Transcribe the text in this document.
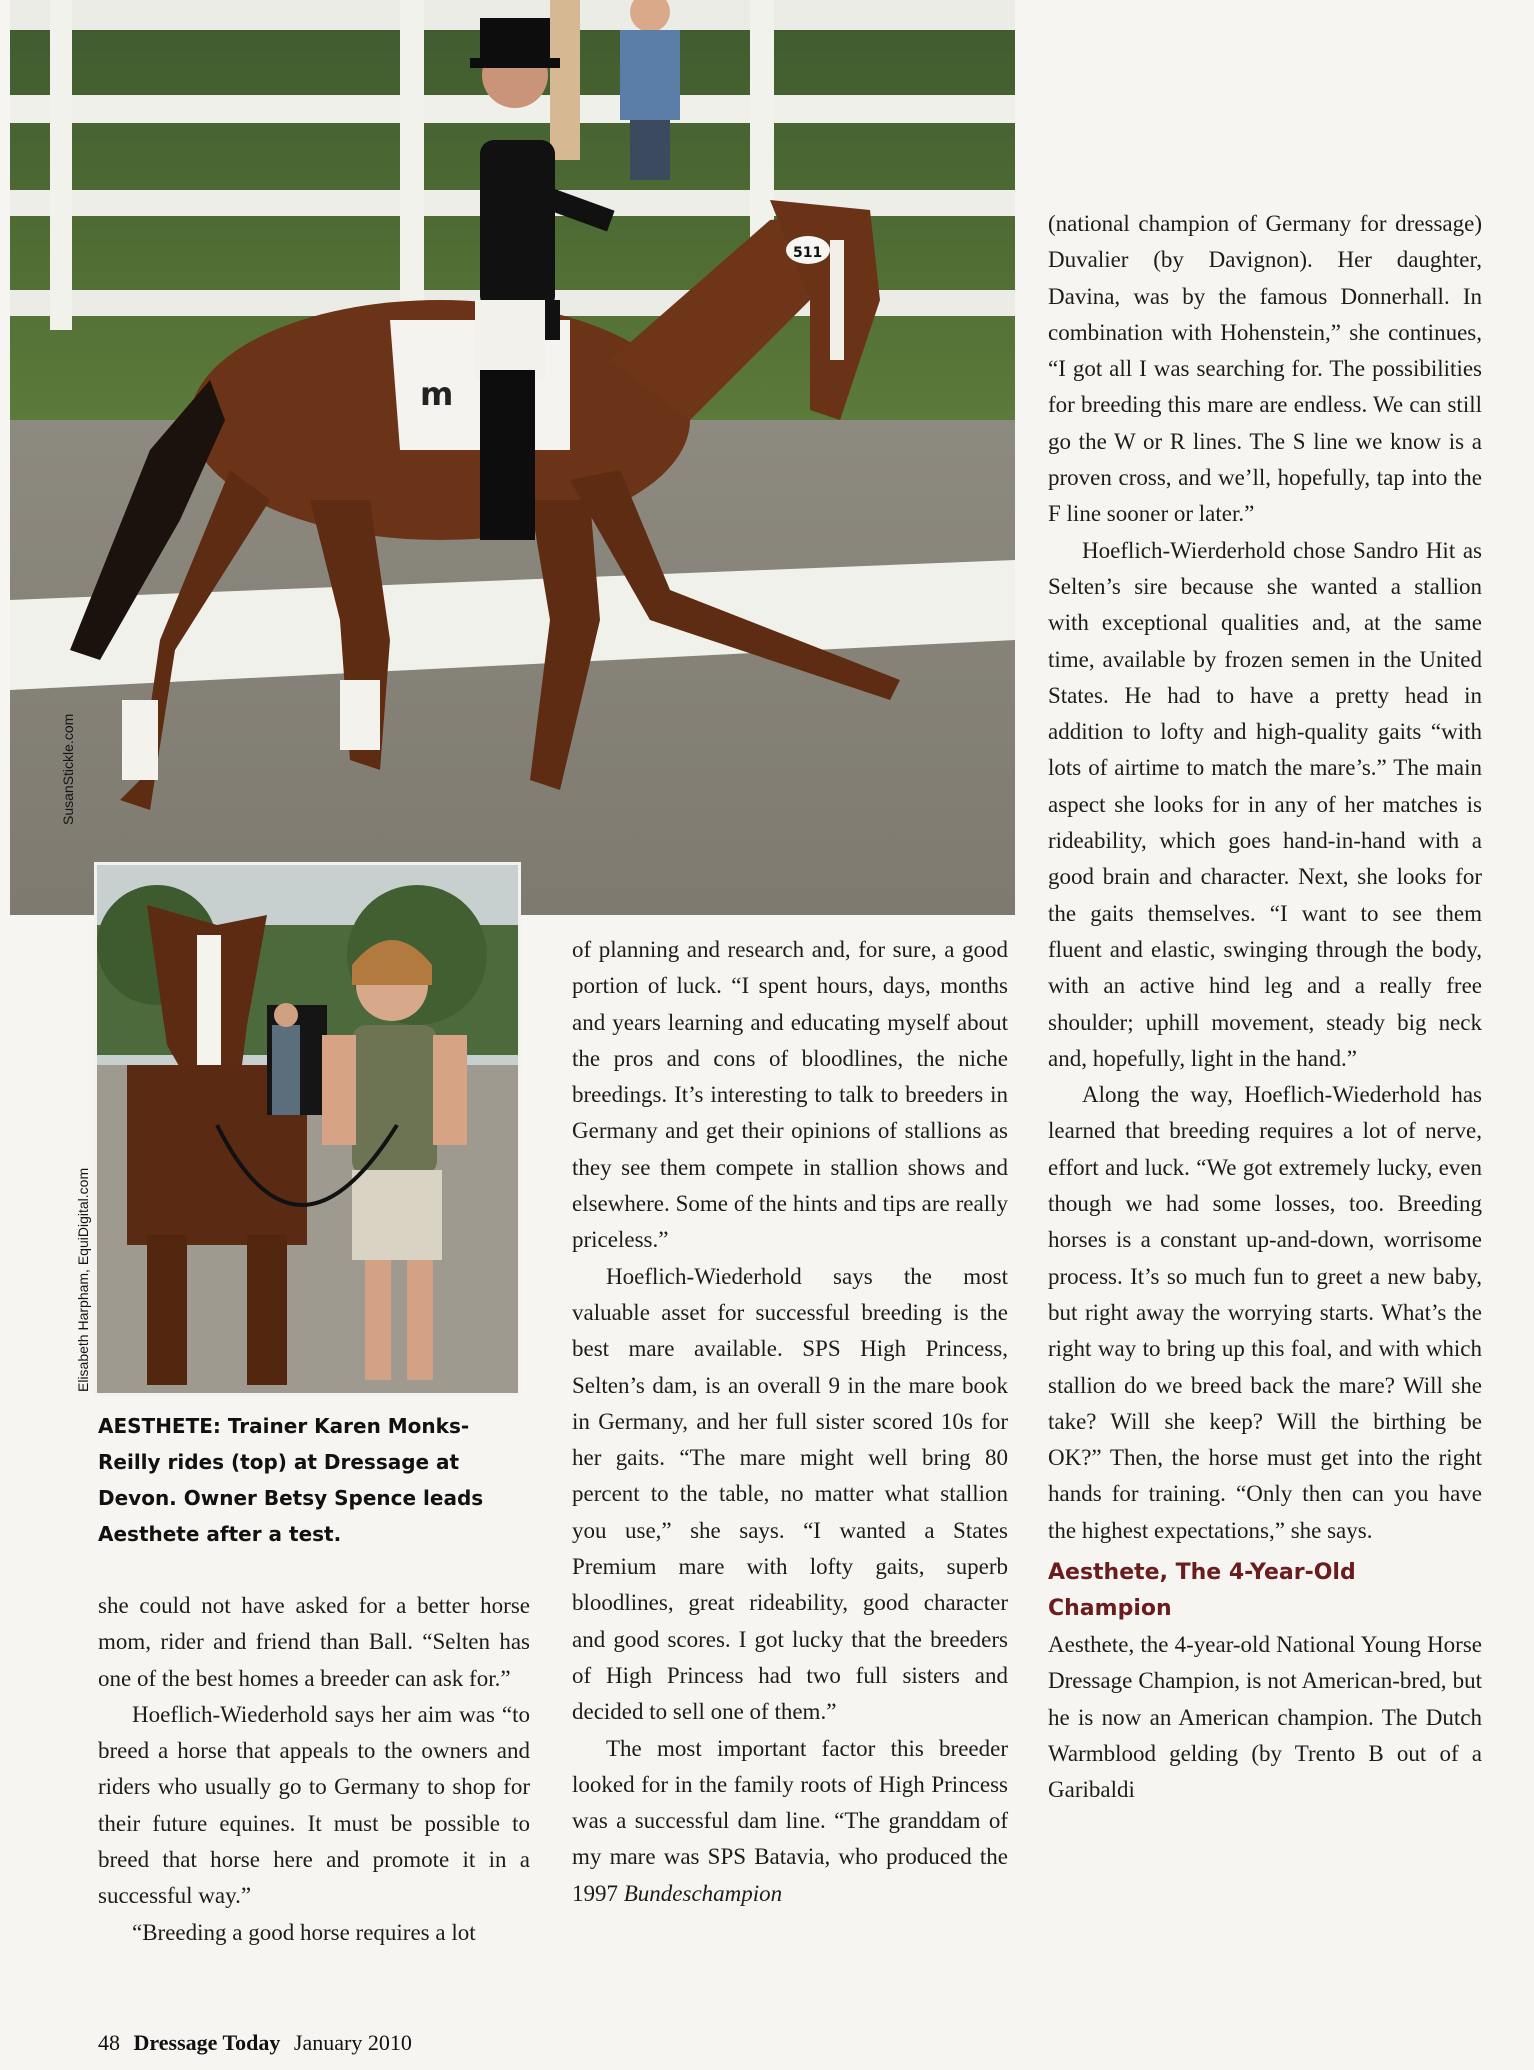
m
511
SusanStickle.com
Elisabeth Harpham, EquiDigital.com
AESTHETE: Trainer Karen Monks-Reilly rides (top) at Dressage at Devon. Owner Betsy Spence leads Aesthete after a test.

she could not have asked for a better horse mom, rider and friend than Ball. “Selten has one of the best homes a breeder can ask for.”

Hoeflich-Wiederhold says her aim was “to breed a horse that appeals to the owners and riders who usually go to Germany to shop for their future equines. It must be possible to breed that horse here and promote it in a successful way.”

“Breeding a good horse requires a lot

of planning and research and, for sure, a good portion of luck. “I spent hours, days, months and years learning and educating myself about the pros and cons of bloodlines, the niche breedings. It’s interesting to talk to breeders in Germany and get their opinions of stallions as they see them compete in stallion shows and elsewhere. Some of the hints and tips are really priceless.”

Hoeflich-Wiederhold says the most valuable asset for successful breeding is the best mare available. SPS High Princess, Selten’s dam, is an overall 9 in the mare book in Germany, and her full sister scored 10s for her gaits. “The mare might well bring 80 percent to the table, no matter what stallion you use,” she says. “I wanted a States Premium mare with lofty gaits, superb bloodlines, great rideability, good character and good scores. I got lucky that the breeders of High Princess had two full sisters and decided to sell one of them.”

The most important factor this breeder looked for in the family roots of High Princess was a successful dam line. “The granddam of my mare was SPS Batavia, who produced the 1997 Bundeschampion

(national champion of Germany for dressage) Duvalier (by Davignon). Her daughter, Davina, was by the famous Donnerhall. In combination with Hohenstein,” she continues, “I got all I was searching for. The possibilities for breeding this mare are endless. We can still go the W or R lines. The S line we know is a proven cross, and we’ll, hopefully, tap into the F line sooner or later.”

Hoeflich-Wierderhold chose Sandro Hit as Selten’s sire because she wanted a stallion with exceptional qualities and, at the same time, available by frozen semen in the United States. He had to have a pretty head in addition to lofty and high-quality gaits “with lots of airtime to match the mare’s.” The main aspect she looks for in any of her matches is rideability, which goes hand-in-hand with a good brain and character. Next, she looks for the gaits themselves. “I want to see them fluent and elastic, swinging through the body, with an active hind leg and a really free shoulder; uphill movement, steady big neck and, hopefully, light in the hand.”

Along the way, Hoeflich-Wiederhold has learned that breeding requires a lot of nerve, effort and luck. “We got extremely lucky, even though we had some losses, too. Breeding horses is a constant up-and-down, worrisome process. It’s so much fun to greet a new baby, but right away the worrying starts. What’s the right way to bring up this foal, and with which stallion do we breed back the mare? Will she take? Will she keep? Will the birthing be OK?” Then, the horse must get into the right hands for training. “Only then can you have the highest expectations,” she says.

Aesthete, The 4-Year-Old Champion

Aesthete, the 4-year-old National Young Horse Dressage Champion, is not American-bred, but he is now an American champion. The Dutch Warmblood gelding (by Trento B out of a Garibaldi

48 Dressage Today January 2010
